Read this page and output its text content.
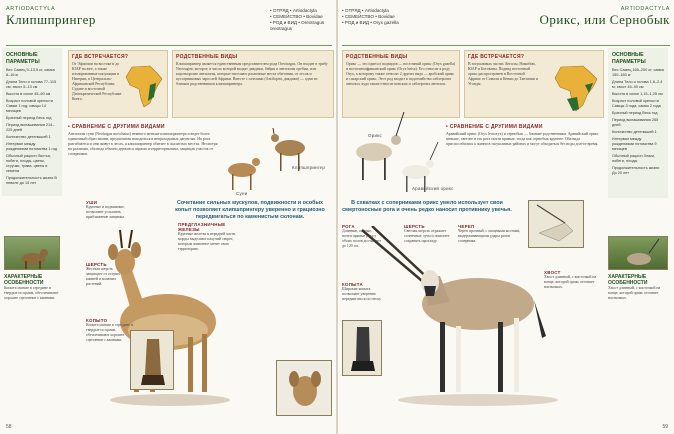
ARTIODACTYLA
Клипшпрингер
• ОТРЯД • Artiodactyla
• СЕМЕЙСТВО • Bovidae
• РОД и ВИД • Oreotragus oreotragus
ОСНОВНЫЕ ПАРАМЕТРЫ
Вес Самец 9–13,5 кг; самка 8–16 кг
Длина Тело и голова 77–115 см; хвост 5–13 см
Высота в холке 45–60 см
Возраст половой зрелости Самки 1 год; самцы 14 месяцев
Брачный период Весь год
Период вынашивания 214–225 дней
Количество детенышей 1
Интервал между рождениями потомства 1 год
Обычный рацион Листья, побеги, плоды, цветы, стручки, трава, цветы и семена
Продолжительность жизни В неволе до 15 лет
ХАРАКТЕРНЫЕ ОСОБЕННОСТИ
Копыта мягкие в середине и твердые по краям, обеспечивают хорошее сцепление с камнями.
ГДЕ ВСТРЕЧАЕТСЯ?
От Эфиопии на востоке и до ЮАР на юге, а также изолированные популяции в Нигерии, в Центрально-Африканской Республике, Судане и восточной Демократической Республике Конго.
РОДСТВЕННЫЕ ВИДЫ
Клипшпрингер является единственным представителем рода Oreotragus. Он входит в трибу Neotragini, которое, в число которой входят дикдики, бейры и антилопы оребии, или короткорогие антилопы, которые населяют различные места обитания, от лесов и кустарниковых зарослей Африки. Вместе с газелями (Antilopini, дикдики) — одни из близких родственников клипшпрингера.
• СРАВНЕНИЕ С ДРУГИМИ ВИДАМИ
Антилопы суни (Neotragus moschatus) немного меньше клипшпрингера и ведет более одиночный образ жизни, предпочитая находиться в непроходимых джунглях. Их рога разгибаются и они живут в лесах, а клипшпрингер обитает в скалистых местах. Несмотря на различия, оба вида обычно держатся парами и территориальны, защищая участок от соперников.
Суни
Клипшпрингер
Сочетание сильных мускулов, подвижности и особых копыт позволяет клипшпрингеру уверенно и грациозно передвигаться по каменистым склонам.
УШИ
Крупные и подвижные, позволяют услышать приближение хищника.
ШЕРСТЬ
Жесткая шерсть защищает от острых камней и колючих растений.
КОПЫТО
Копыта мягкие в середине и твердые по краям, обеспечивают хорошее сцепление с камнями.
ПРЕДГЛАЗНИЧНЫЕ ЖЕЛЕЗЫ
Крупные железы в передней части морды выделяют пахучий секрет, которым животное метит свою территорию.
58
• ОТРЯД • Artiodactyla
• СЕМЕЙСТВО • Bovidae
• РОД и ВИД • Oryx gazella
ARTIODACTYLA
Орикс, или Сернобык
РОДСТВЕННЫЕ ВИДЫ
Орикс — это один из подвидов — восточный орикс (Oryx gazella) и восточноафриканский орикс (Oryx beisa). Его относят к роду Oryx, к которому также относят 2 других вида — арабский орикс и сахарский орикс. Этот род входит в подсемейство саблерогих антилоп, куда также относят конских и саблерогих антилоп.
ГДЕ ВСТРЕЧАЕТСЯ?
В засушливых частях Анголы, Намибии, ЮАР и Ботсваны. Подвид восточный орикс распространен в Восточной Африке от Сомали и Кении до Танзании и Уганды.
ОСНОВНЫЕ ПАРАМЕТРЫ
Вес Самец 165–200 кг; самка 150–180 кг
Длина Тело и голова 1,6–2,4 м; хвост 45–90 см
Высота в холке 1,15–1,25 см
Возраст половой зрелости Самцы 3 года; самки 2 года
Брачный период Весь год
Период вынашивания 265 дней
Количество детенышей 1
Интервал между рождениями потомства 9 месяцев
Обычный рацион Злаки, побеги, плоды
Продолжительность жизни До 20 лет
Орикс
Аравийский орикс
• СРАВНЕНИЕ С ДРУГИМИ ВИДАМИ
Аравийский орикс (Oryx leucoryx) и сернобык — близкие родственники. Аравийский орикс меньше, светлее и его рога почти прямые, тогда как сернобык крупнее. Оба вида приспособились к жизни в засушливых районах и могут обходиться без воды долгое время.
В схватках с соперниками орикс умело использует свои смертоносные рога и очень редко наносит противнику увечья.
РОГА
Длинные, острые, почти прямые рога у обоих полов достигают до 120 см.
ШЕРСТЬ
Светлая шерсть отражает солнечные лучи и помогает сохранять прохладу.
ЧЕРЕП
Череп прочный, с мощными костями, выдерживающими удары рогов соперника.
КОПЫТА
Широкие копыта позволяют уверенно передвигаться по песку.
ХВОСТ
Хвост длинный, с кисточкой на конце, которой орикс отгоняет насекомых.
ХАРАКТЕРНЫЕ ОСОБЕННОСТИ
Хвост длинный, с кисточкой на конце, которой орикс отгоняет насекомых.
59
